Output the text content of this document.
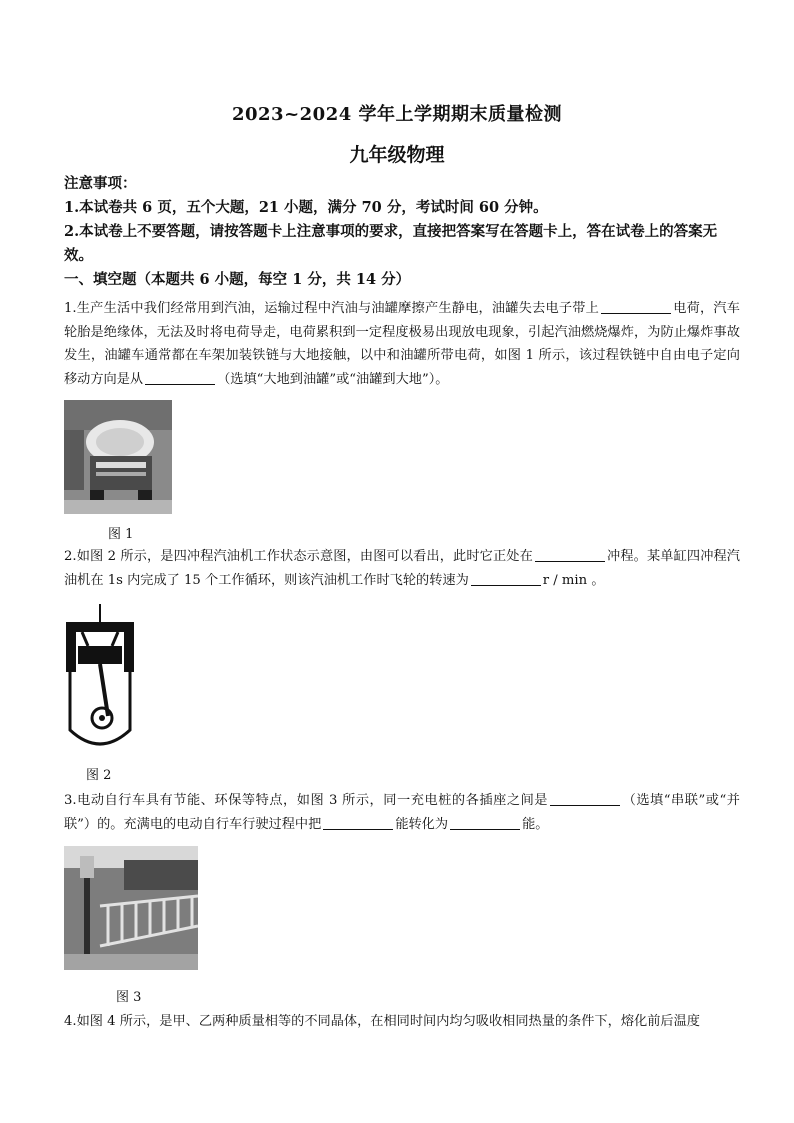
2023~2024 学年上学期期末质量检测
九年级物理
注意事项：
1.本试卷共 6 页，五个大题，21 小题，满分 70 分，考试时间 60 分钟。
2.本试卷上不要答题，请按答题卡上注意事项的要求，直接把答案写在答题卡上，答在试卷上的答案无效。
一、填空题（本题共 6 小题，每空 1 分，共 14 分）
1.生产生活中我们经常用到汽油，运输过程中汽油与油罐摩擦产生静电，油罐失去电子带上	电荷，汽车轮胎是绝缘体，无法及时将电荷导走，电荷累积到一定程度极易出现放电现象，引起汽油燃烧爆炸，为防止爆炸事故发生，油罐车通常都在车架加装铁链与大地接触，以中和油罐所带电荷，如图 1 所示，该过程铁链中自由电子定向移动方向是从	（选填“大地到油罐”或“油罐到大地”）。
图 1
2.如图 2 所示，是四冲程汽油机工作状态示意图，由图可以看出，此时它正处在	冲程。某单缸四冲程汽油机在 1s 内完成了 15 个工作循环，则该汽油机工作时飞轮的转速为	r / min 。
图 2
3.电动自行车具有节能、环保等特点，如图 3 所示，同一充电桩的各插座之间是	（选填“串联”或“并联”）的。充满电的电动自行车行驶过程中把	能转化为	能。
图 3
4.如图 4 所示，是甲、乙两种质量相等的不同晶体，在相同时间内均匀吸收相同热量的条件下，熔化前后温度
